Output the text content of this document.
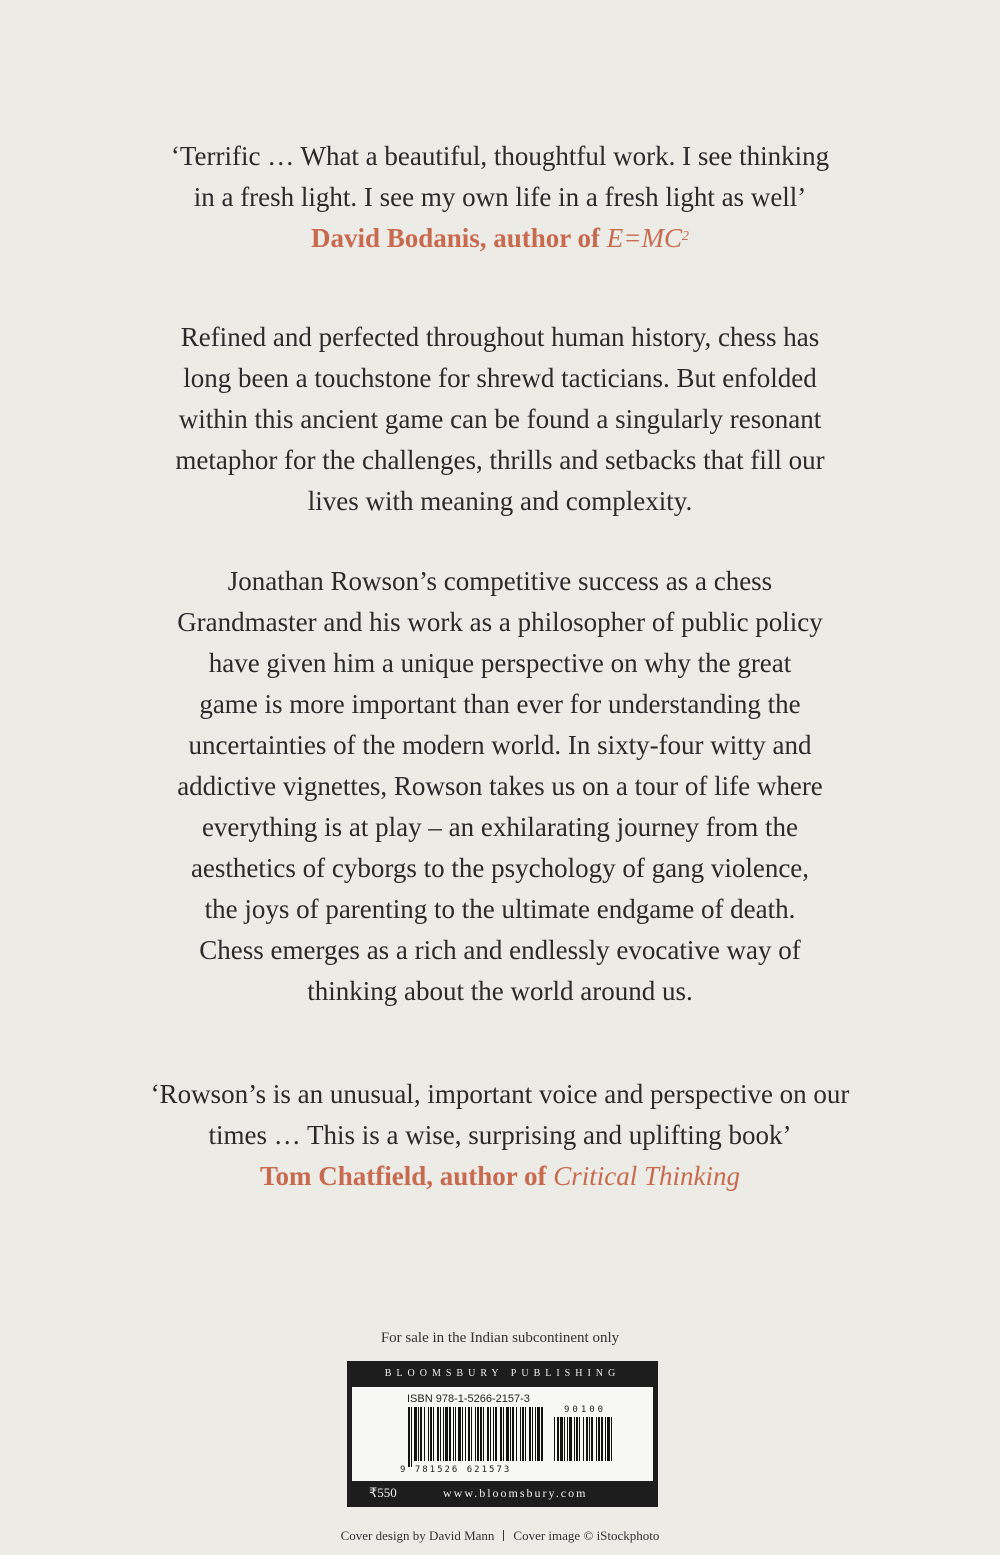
‘Terrific … What a beautiful, thoughtful work. I see thinking
in a fresh light. I see my own life in a fresh light as well’
David Bodanis, author of $E=MC^2$
Refined and perfected throughout human history, chess has
long been a touchstone for shrewd tacticians. But enfolded
within this ancient game can be found a singularly resonant
metaphor for the challenges, thrills and setbacks that fill our
lives with meaning and complexity.
Jonathan Rowson’s competitive success as a chess
Grandmaster and his work as a philosopher of public policy
have given him a unique perspective on why the great
game is more important than ever for understanding the
uncertainties of the modern world. In sixty-four witty and
addictive vignettes, Rowson takes us on a tour of life where
everything is at play – an exhilarating journey from the
aesthetics of cyborgs to the psychology of gang violence,
the joys of parenting to the ultimate endgame of death.
Chess emerges as a rich and endlessly evocative way of
thinking about the world around us.
‘Rowson’s is an unusual, important voice and perspective on our
times … This is a wise, surprising and uplifting book’
Tom Chatfield, author of Critical Thinking
For sale in the Indian subcontinent only
BLOOMSBURY PUBLISHING
ISBN 978-1-5266-2157-3
90100
9 781526 621573
₹550	www.bloomsbury.com
Cover design by David Mann Cover image © iStockphoto
